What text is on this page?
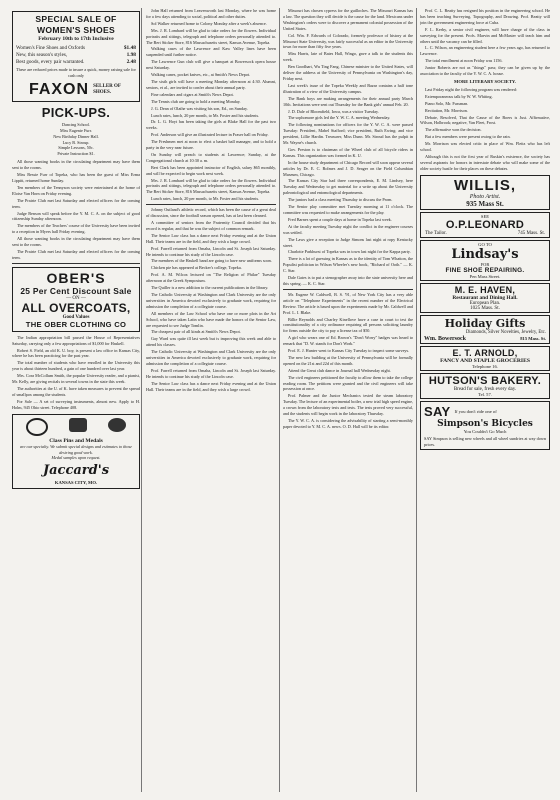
SPECIAL SALE OF WOMEN'S SHOES
February 10th to 17th Inclusive
Women's Fine Shoes and Oxfords
New, this season's styles,
Best goods, every pair warranted.
$1.48
1.98
2.48
These are reduced prices made to insure a quick, money raising sale for cash only
FAXON SELLER OF SHOES.
PICK-UPS.
Dancing School.
Miss Eugenie Furr.
New Birthday Dinner Hall.
Lucy B. Stroup.
Simple Lessons, 50c.
Private Instruction $1.

All those wanting books in the circulating department may have them sent to the rooms.

Miss Bessie Furr of Topeka, who has been the guest of Miss Erma Lippitt, returned home Sunday.

Ten members of the Tennyson society were entertained at the home of Eloise Van Horn on Friday evening.

The Prairie Club met last Saturday and elected officers for the coming term.

Judge Benson will speak before the Y. M. C. A. on the subject of good citizenship Sunday afternoon.

The members of the Teachers' course of the University have been invited to a reception in Myers hall Friday evening.

All those wanting books in the circulating department may have them sent to the rooms.

The Prairie Club met last Saturday and elected officers for the coming term.

OBER'S
25 Per Cent Discount Sale
— ON —
ALL OVERCOATS,
Good Values
THE OBER CLOTHING CO

The Indian appropriation bill passed the House of Representatives Saturday, carrying only a few appropriations of $1,000 for Haskell.

Robert S. Field, an old K. U. boy, is present a law office in Kansas City, where he has been practicing for the past year.

The total number of students who have enrolled in the University this year is about thirteen hundred, a gain of one hundred over last year.

Mrs. Cora McCollum Smith, the popular University reader, and a pianist, Mr. Kelly, are giving recitals in several towns in the state this week.

The authorities at the U. of K. have taken measures to prevent the spread of smallpox among the students.

For Sale — A set of surveying instruments, almost new. Apply to H. Holm, 945 Ohio street. Telephone 408.

Class Pins and Medals
are our specialty. We submit special designs and estimates to those desiring good work.
Medal samples upon request.
Jaccard's
KANSAS CITY, MO.

John Hall returned from Leavenworth last Monday, where he was home for a few days attending to social, political and other duties.

Sol Walker returned home to Colony Monday after a week's absence.

Mrs. J. R. Lombard will be glad to take orders for the flowers. Individual portraits and sittings, telegraph and telephone orders personally attended to. The Bert Sticker Store, 816 Massachusetts street, Kansas Avenue, Topeka.

Walking cases of the Lawrence and Kaw Valley lines have been suspended until further notice.

The Lawrence Gun club will give a banquet at Bowersock opera house next Saturday.

Walking canes, pocket knives, etc., at Smith's News Depot.

The sixth girls will have a meeting Monday afternoon at 4:30. Alumni, seniors, et al., are invited to confer about their annual party.

Fine calendars and cigars at Smith's News Depot.

The Tennis club are going to hold a meeting Monday.

J. G. Dean of Olathe was visiting his son, Ed., on Sunday.

Lunch rates, lunch, 20 per month, to Mr. Foster and his students.

Dr. L. G. Hoyt has been taking the girls at Blake Hall for the past two weeks.

Prof. Anderson will give an illustrated lecture in Fraser hall on Friday.

The Freshmen met at noon to elect a basket ball manager, and to hold a party in the very near future.

On Sunday will preach to students at Lawrence; Sunday, at the Congregational church at 10:30 a. m.

Bert Clark has been appointed instructor of English, salary $65 monthly, and will be expected to begin work next week.

Mrs. J. R. Lombard will be glad to take orders for the flowers. Individual portraits and sittings, telegraph and telephone orders personally attended to. The Bert Sticker Store, 816 Massachusetts street, Kansas Avenue, Topeka.

Lunch rates, lunch, 20 per month, to Mr. Foster and his students.

Johnny Outland's athletic record, which has been the cause of a great deal of discussion, since the football season opened, has at last been cleaned.

A committee of seniors from the Fraternity Council decided that his record is regular, and that he was the subject of common remark.

The Senior Law class has a dance next Friday evening and at the Union Hall. Their teams are in the field, and they wish a large crowd.

Prof. Farrell returned from Omaha, Lincoln and St. Joseph last Saturday. He intends to continue his study of the Lincoln case.

The members of the Haskell band are going to have new uniforms soon.

Chicken pie has appeared at Becker's college, Topeka.

Prof. A. M. Wilcox lectured on "The Religion of Philae" Tuesday afternoon at the Greek Symposium.

The Quiller is a new addition to the current publications in the library.

The Catholic University at Washington and Clark University are the only universities in America devoted exclusively to graduate work, requiring for admission the completion of a collegiate course.

All members of the Law School who have one or more plots in the Art School, who have taken Latin who have made the honors of the Senior Law, are requested to see Judge Tomlin.

The cheapest pair of all kinds at Smith's News Depot.

Gay Ward was quite ill last week but is improving this week and able to attend his classes.

The Catholic University at Washington and Clark University are the only universities in America devoted exclusively to graduate work, requiring for admission the completion of a collegiate course.

Prof. Farrell returned from Omaha, Lincoln and St. Joseph last Saturday. He intends to continue his study of the Lincoln case.

The Senior Law class has a dance next Friday evening and at the Union Hall. Their teams are in the field, and they wish a large crowd.

Missouri has chosen cypress for the guilloches. The Missouri Kansas has a law. The question they will decide is the cause for the land. Mexicans under Washington's orders were to discover a permanent colonial possession of the United States.

Col. Win. F. Edwards of Colorado, formerly professor of history at the Missouri State University, was fairly successful as an editor in the University town for more than fifty five years.

Miss Harris, late of Bates Hall, Wingo, gave a talk to the students this week.

Ben Goodhart, Wu Ting Fang, Chinese minister to the United States, will deliver the address at the University of Pennsylvania on Washington's day, Friday next.

Last week's issue of the Topeka Weekly and Bazar contains a half tone illustration of a view of the University campus.

The Bank boys are making arrangements for their annual party March 10th. Invitations were sent out Thursday for the Bank girls' annual Feb. 20.

J. D. Dale of Bloomfield, Iowa, was a visitor Tuesday.

The sophomore girls led the Y. W. C. A. meeting Wednesday.

The following nominations for officers for the Y. W. C. A. were passed Tuesday: President, Mabel Stafford; vice president, Ruth Ewing; and vice president, Lillie Hardin. Treasurer, Miss Dunn. Mr. Stroud has the pulpit in Mr. Wayne's church.

Gov. Preston is to chairman of the Wheel club of all bicycle riders in Kansas. This organization was formed in K. U.

In the house study department of Chicago Record will soon appear several articles by Dr. E. C. Bolmes and J. D. Seager on the Field Columbian Museum, Chicago.

The Kansas City Star had three correspondents, E. M. Lindsey, here Tuesday and Wednesday to get material for a write up about the University paleontological and entomological departments.

The juniors had a class meeting Thursday to discuss the Prom.

The Senior play committee met Tuesday morning at 11 o'clock. The committee was requested to make arrangements for the play.

Fred Barnes spent a couple days at home in Topeka last week.

At the faculty meeting Tuesday night the conflict in the engineer courses was settled.

The Laws give a reception to Judge Simons last night at ropy Kentucky street.

Charlotte Parkhurst of Topeka was in town last night for the Kappa party.

There is a lot of guessing in Kansas as to the identity of Tom Whatton, the Populist politician in Wilson Wheeler's new book, "Richard of Ooth." — K. C. Star.

Dale Gates is to put a stenographer away into the state university here and this spring. — K. C. Star.

Mr. Eugene W. Caldwell, B. S. '91, of New York City has a very able article on "Telephone Experiments" in the recent number of the Electrical Review. The article is based upon the experiments made by Mr. Caldwell and Prof. L. I. Blake.

Billie Reynolds and Charley Kinellove have a case in court to test the constitutionality of a city ordinance requiring all persons soliciting laundry for firms outside the city to pay a license tax of $50.

A girl who wears one of Ed. Brown's "Don't Worry" badges was heard to remark that "D. W. stands for Don't Work."

Prof. E. J. Hunter went to Kansas City Tuesday to inspect some surveys.

The new law building at the University of Pennsylvania will be formally opened on the 21st and 22d of this month.

Attend the Great club dance in Journal hall Wednesday night.

The civil engineers petitioned the faculty to allow them to take the college reading room. The petitions were granted and the civil engineers will take possession at once.

Prof. Palmer and the Junior Mechanics tested the steam laboratory Tuesday. The lecture of an experimental boiler, a new trial high speed engine, a crown from the laboratory tests and tests. The tests proved very successful, and the students will begin work in the laboratory Thursday.

The Y. W. C. A. is considering the advisability of starting a semi-monthly paper devoted to Y. M. C. A. news. O. D. Hall will be its editor.

Prof. C. L. Beatty has resigned his position in the engineering school. He has been teaching Surveying, Topography, and Drawing. Prof. Beatty will join the government engineering force at Cuba.

F. L. Kerby, a senior civil engineer, will have charge of the class in surveying for the present. Profs. Marvin and McMaster will teach him and others until the vacancy can be filled.

L. C. Wilson, an engineering student here a few years ago, has returned to Lawrence.

The total enrollment at noon Friday was 1156.

Junior Roberts are not as "things" pass; they can be given up by the association to the faculty of the Y. W. C. A. house.

MORE LITERARY SOCIETY.

Last Friday night the following program was rendered:

Extemporaneous talk by W. W. Whiting.

Piano Solo, Mr. Fussman.

Recitation, Mr. Morrison.

Debate, Resolved, That the Cause of the Boers is Just. Affirmative, Wilson, Holbrook; negative, Van Fleet, Frost.

The affirmative won the decision.

But a few members were present owing to the rain.

Mr. Morrison was elected critic in place of Wm. Fleitz who has left school.

Although this is not the first year of Ruskin's existence, the society has several aspirants for honors in interstate debate who will make some of the older society hustle for their places on these debates.

WILLIS,
Photo Artist.
935 Mass St.
SEE
O.P.LEONARD
The Tailor.	745 Mass. St.
GO TO
Lindsay's
FOR
FINE SHOE REPAIRING.
Pen Mass Street.
M. E. HAVEN,
Restaurant and Dining Hall.
European Plan.
1025 Mass. St.
Holiday Gifts
Diamonds, Silver Novelties, Jewelry, Etc.
Wm. Bowersock	815 Mass. St.
E. T. ARNOLD,
FANCY AND STAPLE GROCERIES
Telephone 16.
HUTSON'S BAKERY.
Bread for sale, fresh every day.
Tel. 57.
SAY If you don't ride one of
Simpson's Bicycles
You Couldn't Go Much
SAY Simpson is selling new wheels and all wheel sundries at way down prices.
